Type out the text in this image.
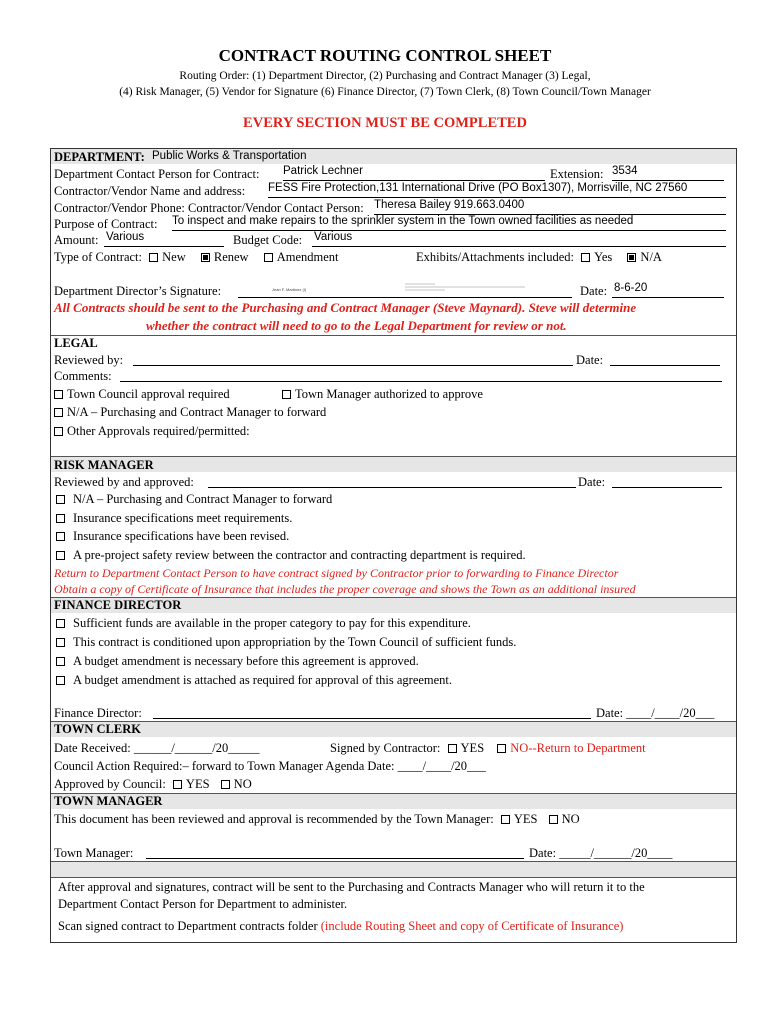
CONTRACT ROUTING CONTROL SHEET
Routing Order: (1) Department Director, (2) Purchasing and Contract Manager (3) Legal,
(4) Risk Manager, (5) Vendor for Signature (6) Finance Director, (7) Town Clerk, (8) Town Council/Town Manager
EVERY SECTION MUST BE COMPLETED
DEPARTMENT: Public Works & Transportation
Department Contact Person for Contract: Patrick Lechner	Extension: 3534
Contractor/Vendor Name and address: FESS Fire Protection,131 International Drive (PO Box1307), Morrisville, NC 27560
Contractor/Vendor Phone: Contractor/Vendor Contact Person: Theresa Bailey 919.663.0400
Purpose of Contract: To inspect and make repairs to the sprinkler system in the Town owned facilities as needed
Amount: Various	Budget Code: Various
Type of Contract: New Renew Amendment	Exhibits/Attachments included: Yes N/A
Department Director’s Signature:	Jean F. Martinez (I)	Date: 8-6-20
All Contracts should be sent to the Purchasing and Contract Manager (Steve Maynard). Steve will determine
whether the contract will need to go to the Legal Department for review or not.
LEGAL
Reviewed by:	Date:
Comments:
Town Council approval required	Town Manager authorized to approve
N/A – Purchasing and Contract Manager to forward
Other Approvals required/permitted:
RISK MANAGER
Reviewed by and approved:	Date:
N/A – Purchasing and Contract Manager to forward
Insurance specifications meet requirements.
Insurance specifications have been revised.
A pre-project safety review between the contractor and contracting department is required.
Return to Department Contact Person to have contract signed by Contractor prior to forwarding to Finance Director
Obtain a copy of Certificate of Insurance that includes the proper coverage and shows the Town as an additional insured
FINANCE DIRECTOR
Sufficient funds are available in the proper category to pay for this expenditure.
This contract is conditioned upon appropriation by the Town Council of sufficient funds.
A budget amendment is necessary before this agreement is approved.
A budget amendment is attached as required for approval of this agreement.
Finance Director:	Date: ____/____/20___
TOWN CLERK
Date Received: ______/______/20_____	Signed by Contractor: YES NO--Return to Department
Council Action Required:– forward to Town Manager Agenda Date: ____/____/20___
Approved by Council: YES NO
TOWN MANAGER
This document has been reviewed and approval is recommended by the Town Manager: YES NO
Town Manager:	Date: _____/______/20____
After approval and signatures, contract will be sent to the Purchasing and Contracts Manager who will return it to the
Department Contact Person for Department to administer.
Scan signed contract to Department contracts folder (include Routing Sheet and copy of Certificate of Insurance)
